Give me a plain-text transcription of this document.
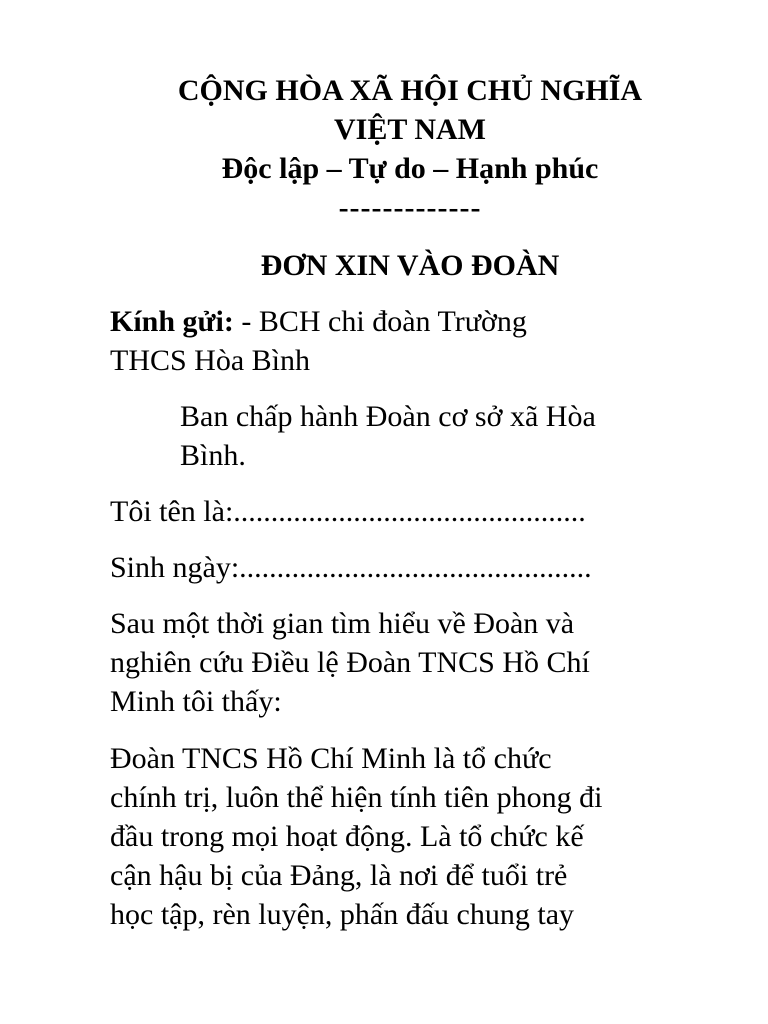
CỘNG HÒA XÃ HỘI CHỦ NGHĨA
VIỆT NAM
Độc lập – Tự do – Hạnh phúc
-------------
ĐƠN XIN VÀO ĐOÀN
Kính gửi: - BCH chi đoàn Trường
THCS Hòa Bình
Ban chấp hành Đoàn cơ sở xã Hòa
Bình.
Tôi tên là:...............................................
Sinh ngày:...............................................
Sau một thời gian tìm hiểu về Đoàn và
nghiên cứu Điều lệ Đoàn TNCS Hồ Chí
Minh tôi thấy:
Đoàn TNCS Hồ Chí Minh là tổ chức
chính trị, luôn thể hiện tính tiên phong đi
đầu trong mọi hoạt động. Là tổ chức kế
cận hậu bị của Đảng, là nơi để tuổi trẻ
học tập, rèn luyện, phấn đấu chung tay
